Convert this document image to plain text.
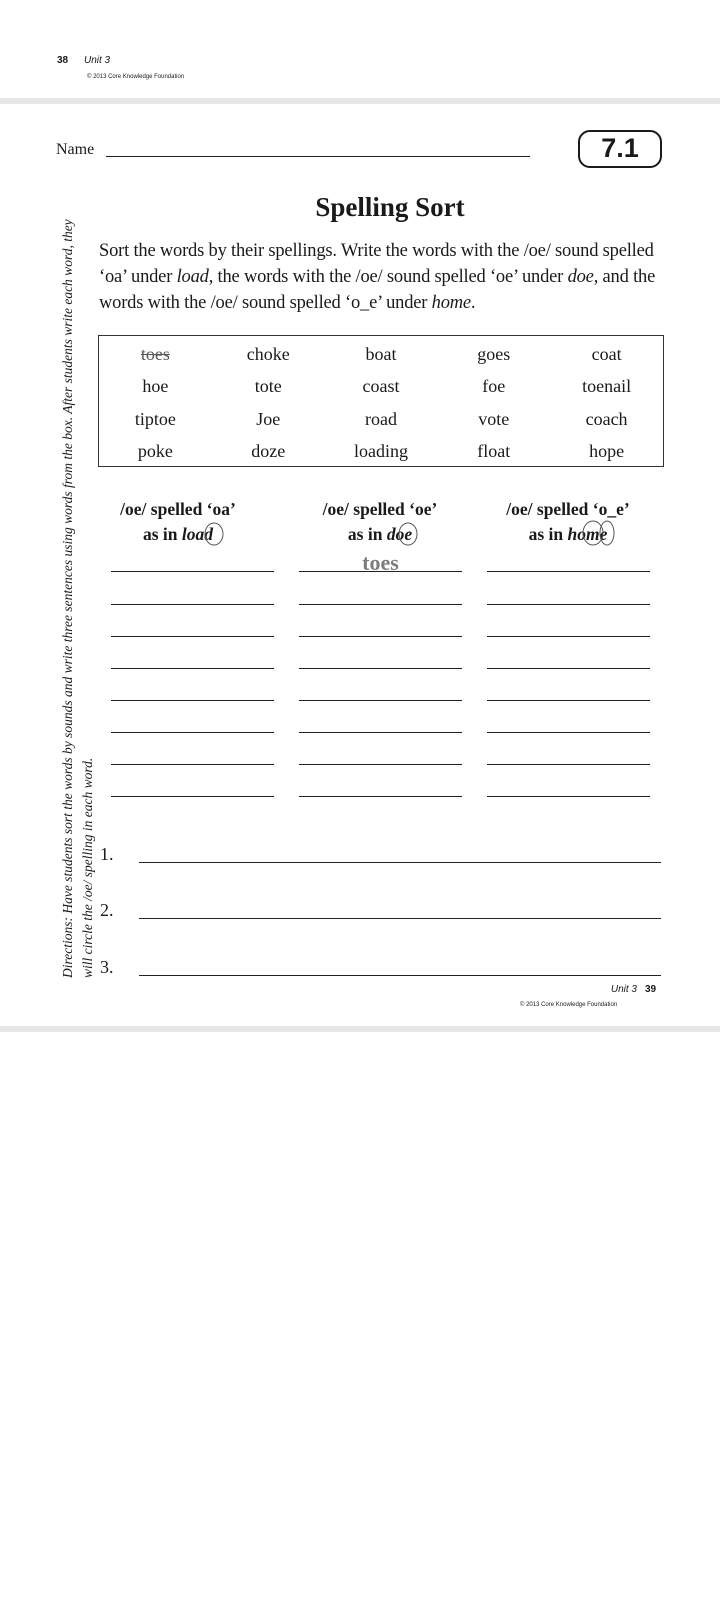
38	Unit 3
© 2013 Core Knowledge Foundation
Name	7.1
Spelling Sort
Sort the words by their spellings. Write the words with the /oe/ sound spelled ‘oa’ under load, the words with the /oe/ sound spelled ‘oe’ under doe, and the words with the /oe/ sound spelled ‘o_e’ under home.
Directions: Have students sort the words by sounds and write three sentences using words from the box. After students write each word, they will circle the /oe/ spelling in each word.
toes	choke	boat	goes	coat
hoe	tote	coast	foe	toenail
tiptoe	Joe	road	vote	coach
poke	doze	loading	float	hope
/oe/ spelled ‘oa’
as in load
/oe/ spelled ‘oe’
as in doe
/oe/ spelled ‘o_e’
as in home
toes
1.
2.
3.
Unit 3 39
© 2013 Core Knowledge Foundation
